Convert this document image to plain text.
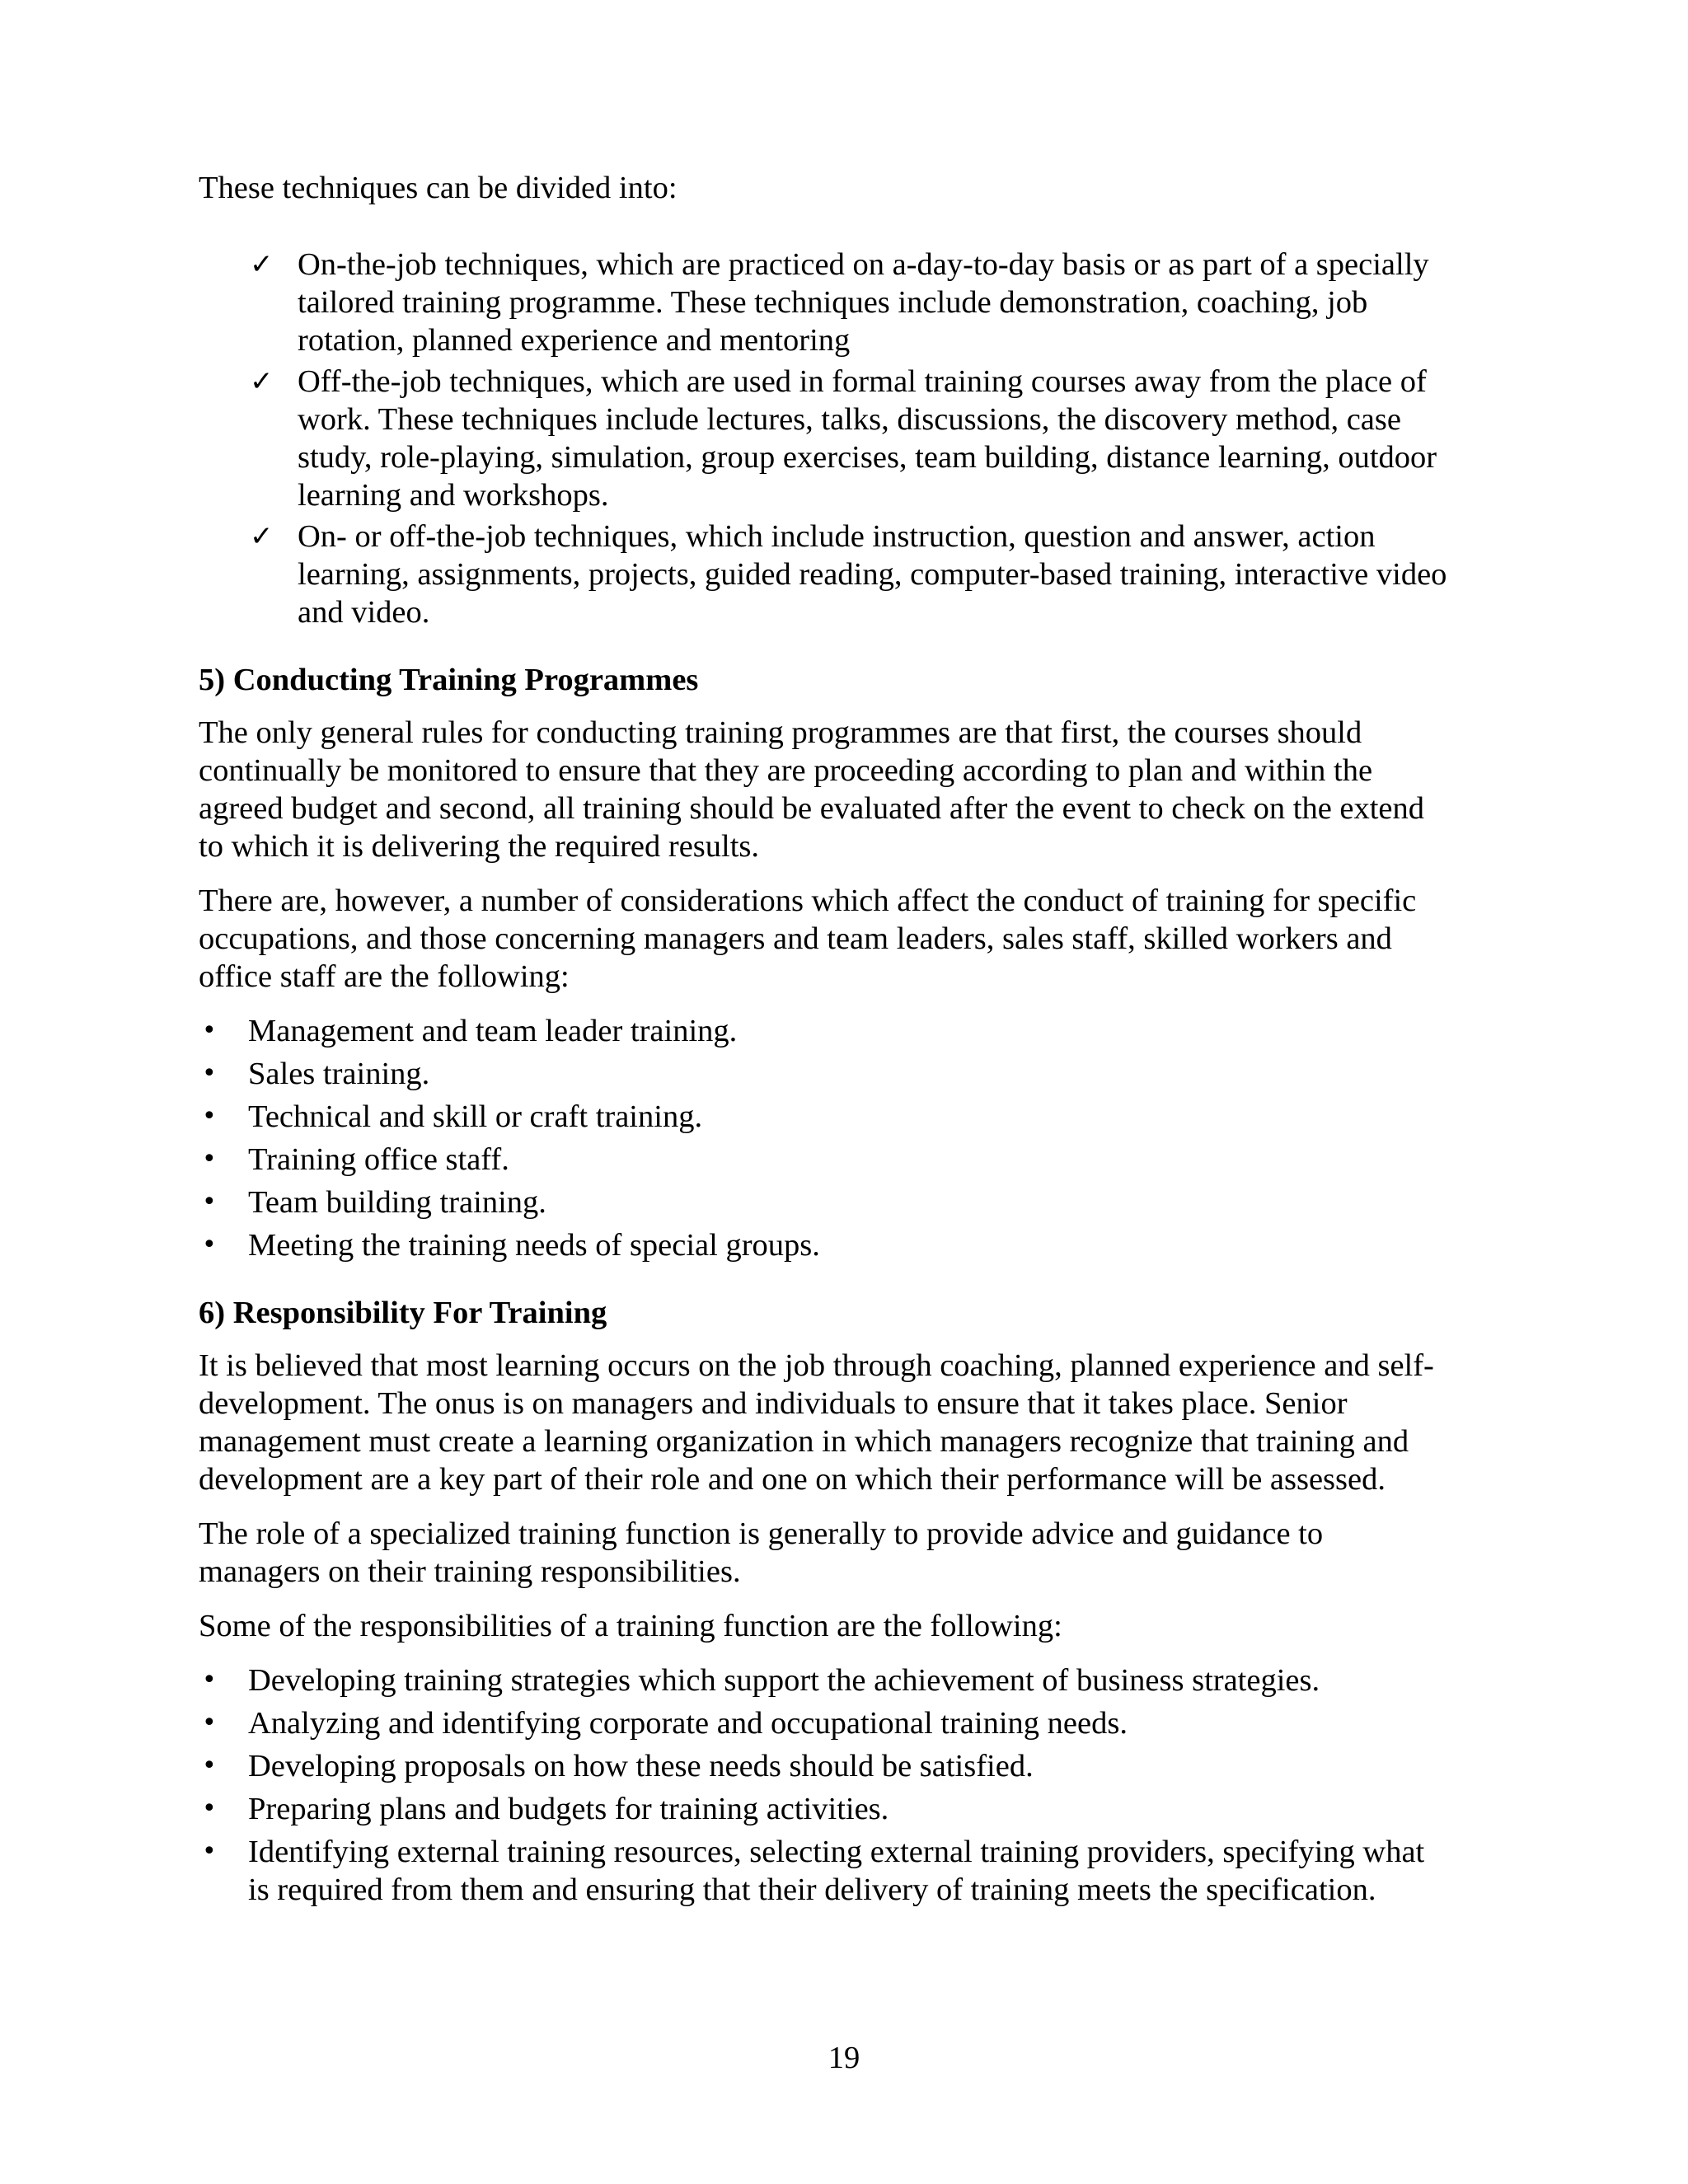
These techniques can be divided into:

✓ On-the-job techniques, which are practiced on a-day-to-day basis or as part of a specially tailored training programme. These techniques include demonstration, coaching, job rotation, planned experience and mentoring
✓ Off-the-job techniques, which are used in formal training courses away from the place of work. These techniques include lectures, talks, discussions, the discovery method, case study, role-playing, simulation, group exercises, team building, distance learning, outdoor learning and workshops.
✓ On- or off-the-job techniques, which include instruction, question and answer, action learning, assignments, projects, guided reading, computer-based training, interactive video and video.

5) Conducting Training Programmes

The only general rules for conducting training programmes are that first, the courses should continually be monitored to ensure that they are proceeding according to plan and within the agreed budget and second, all training should be evaluated after the event to check on the extend to which it is delivering the required results.

There are, however, a number of considerations which affect the conduct of training for specific occupations, and those concerning managers and team leaders, sales staff, skilled workers and office staff are the following:

• Management and team leader training.
• Sales training.
• Technical and skill or craft training.
• Training office staff.
• Team building training.
• Meeting the training needs of special groups.

6) Responsibility For Training

It is believed that most learning occurs on the job through coaching, planned experience and self-development. The onus is on managers and individuals to ensure that it takes place. Senior management must create a learning organization in which managers recognize that training and development are a key part of their role and one on which their performance will be assessed.

The role of a specialized training function is generally to provide advice and guidance to managers on their training responsibilities.

Some of the responsibilities of a training function are the following:

• Developing training strategies which support the achievement of business strategies.
• Analyzing and identifying corporate and occupational training needs.
• Developing proposals on how these needs should be satisfied.
• Preparing plans and budgets for training activities.
• Identifying external training resources, selecting external training providers, specifying what is required from them and ensuring that their delivery of training meets the specification.
19
